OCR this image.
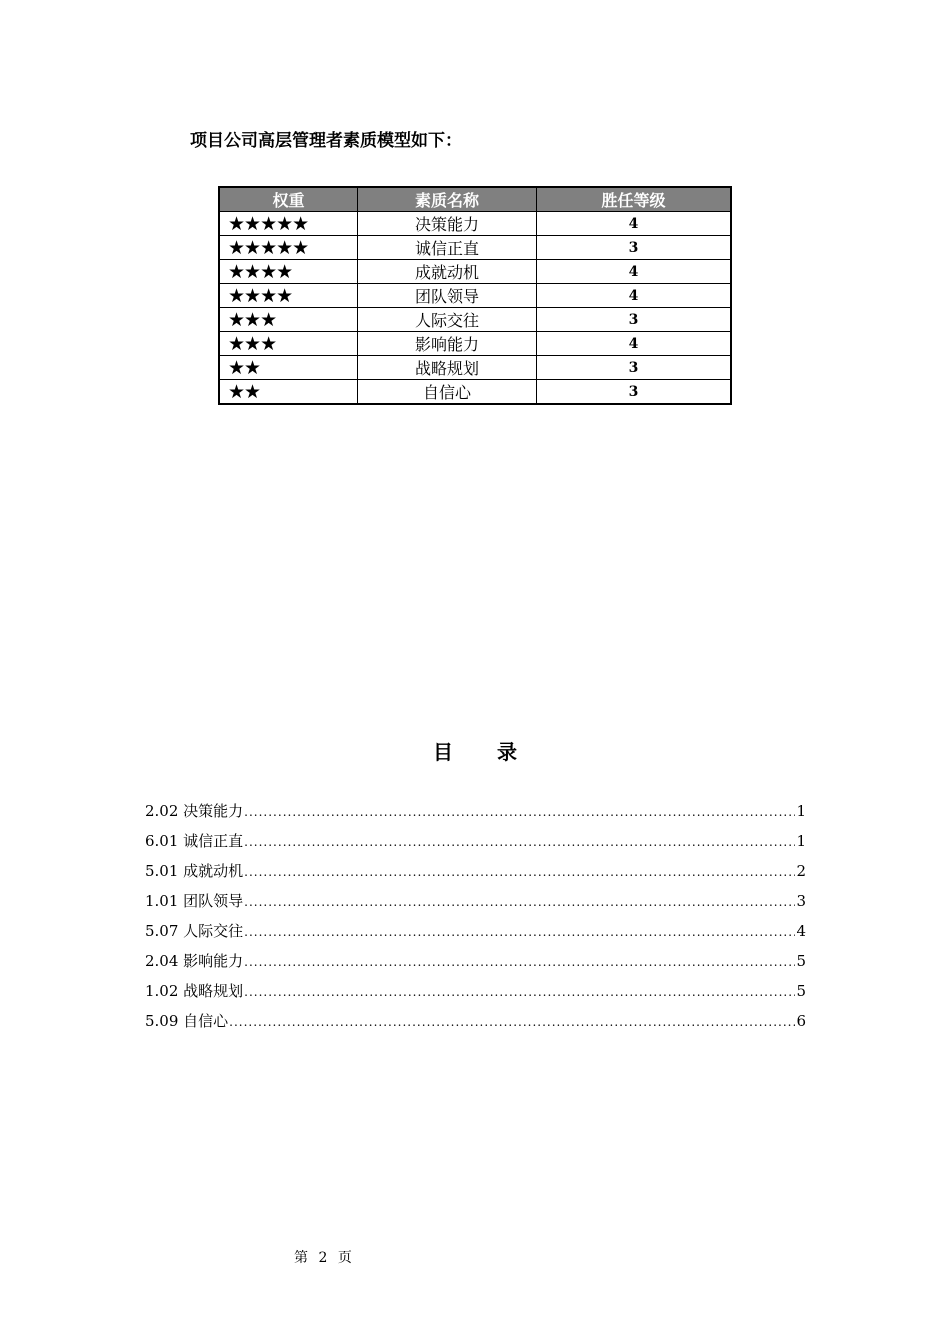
项目公司高层管理者素质模型如下：
权重	素质名称	胜任等级
★★★★★	决策能力	4
★★★★★	诚信正直	3
★★★★	成就动机	4
★★★★	团队领导	4
★★★	人际交往	3
★★★	影响能力	4
★★	战略规划	3
★★	自信心	3
目录
2.02 决策能力 .....	1
6.01 诚信正直 .....	1
5.01 成就动机 .....	2
1.01 团队领导 .....	3
5.07 人际交往 .....	4
2.04 影响能力 .....	5
1.02 战略规划 .....	5
5.09 自信心 .....	6
第 2 页
